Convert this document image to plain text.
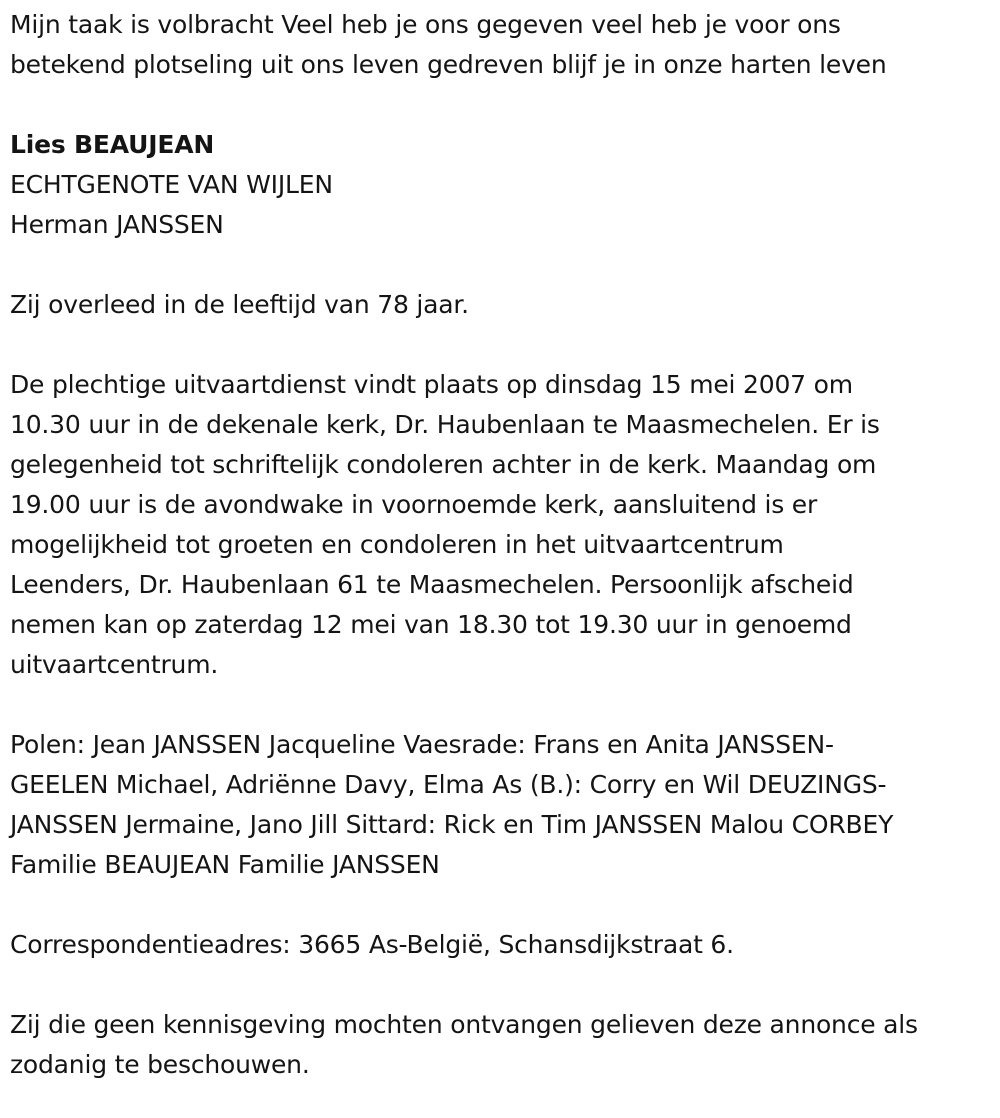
Mijn taak is volbracht Veel heb je ons gegeven veel heb je voor ons
betekend plotseling uit ons leven gedreven blijf je in onze harten leven
Lies BEAUJEAN
ECHTGENOTE VAN WIJLEN
Herman JANSSEN
Zij overleed in de leeftijd van 78 jaar.
De plechtige uitvaartdienst vindt plaats op dinsdag 15 mei 2007 om
10.30 uur in de dekenale kerk, Dr. Haubenlaan te Maasmechelen. Er is
gelegenheid tot schriftelijk condoleren achter in de kerk. Maandag om
19.00 uur is de avondwake in voornoemde kerk, aansluitend is er
mogelijkheid tot groeten en condoleren in het uitvaartcentrum
Leenders, Dr. Haubenlaan 61 te Maasmechelen. Persoonlijk afscheid
nemen kan op zaterdag 12 mei van 18.30 tot 19.30 uur in genoemd
uitvaartcentrum.
Polen: Jean JANSSEN Jacqueline Vaesrade: Frans en Anita JANSSEN-
GEELEN Michael, Adriënne Davy, Elma As (B.): Corry en Wil DEUZINGS-
JANSSEN Jermaine, Jano Jill Sittard: Rick en Tim JANSSEN Malou CORBEY
Familie BEAUJEAN Familie JANSSEN
Correspondentieadres: 3665 As-België, Schansdijkstraat 6.
Zij die geen kennisgeving mochten ontvangen gelieven deze annonce als
zodanig te beschouwen.
